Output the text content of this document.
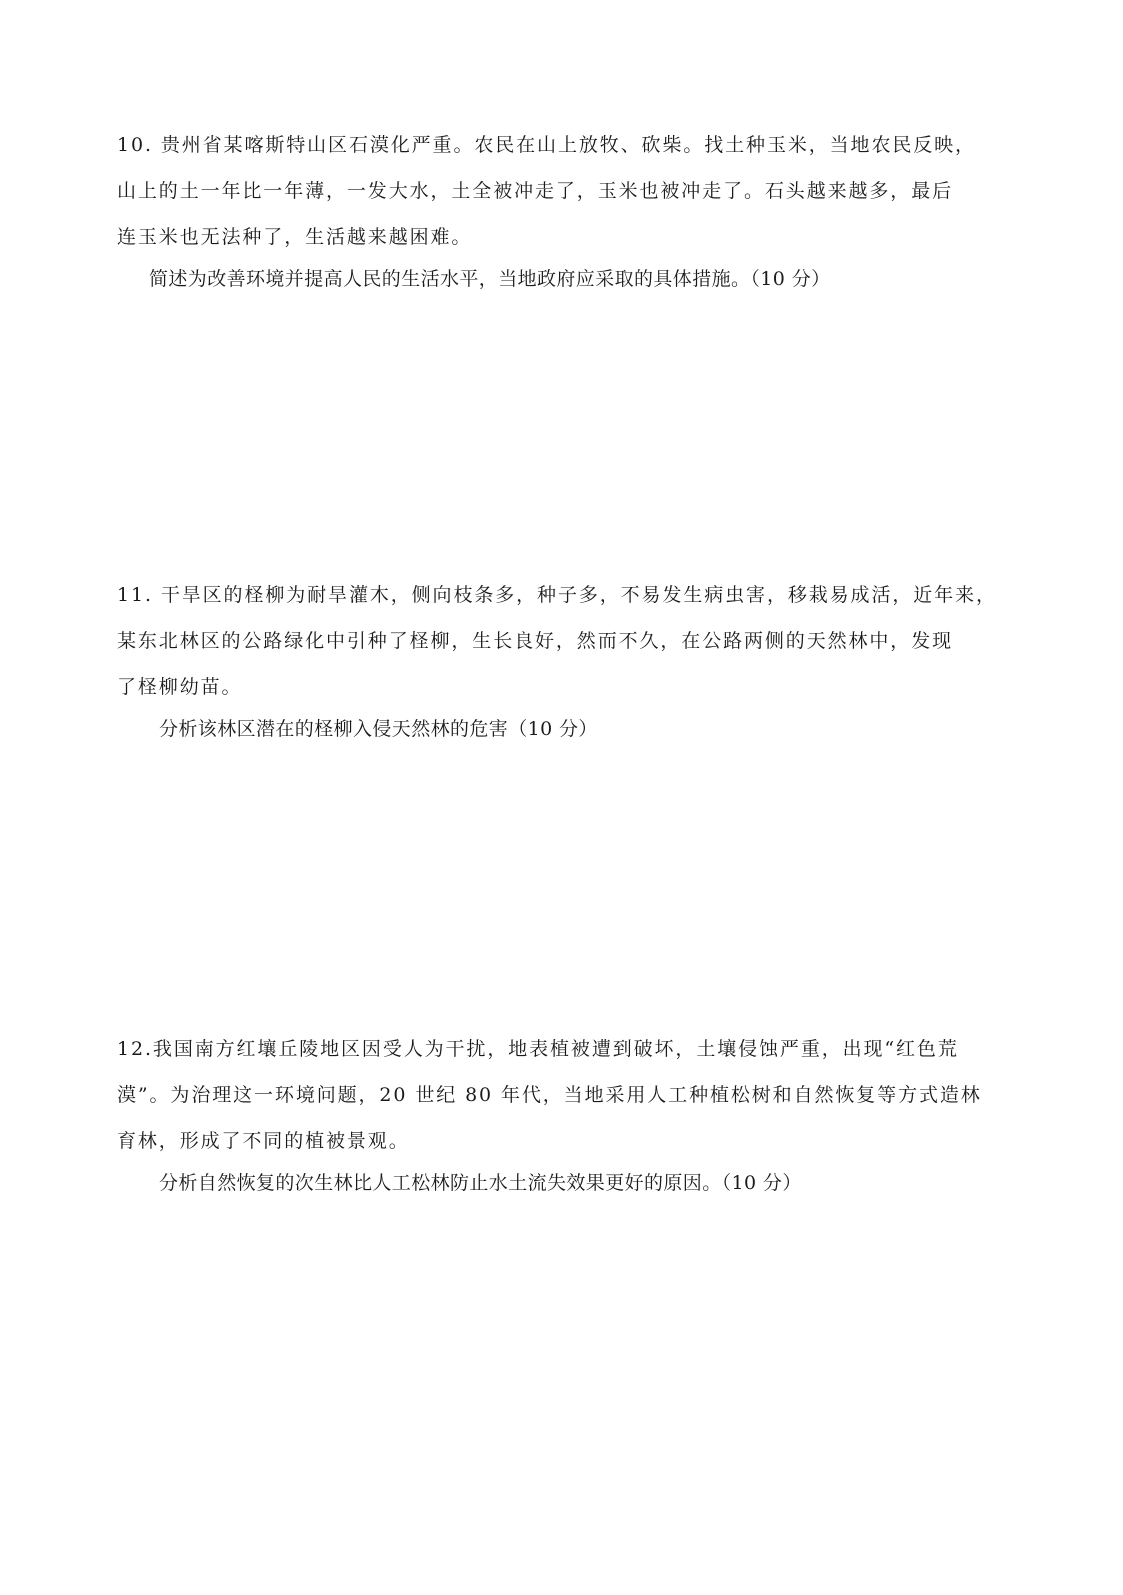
10. 贵州省某喀斯特山区石漠化严重。农民在山上放牧、砍柴。找土种玉米，当地农民反映，
山上的土一年比一年薄，一发大水，土全被冲走了，玉米也被冲走了。石头越来越多，最后
连玉米也无法种了，生活越来越困难。
简述为改善环境并提高人民的生活水平，当地政府应采取的具体措施。（10 分）
11. 干旱区的柽柳为耐旱灌木，侧向枝条多，种子多，不易发生病虫害，移栽易成活，近年来，
某东北林区的公路绿化中引种了柽柳，生长良好，然而不久，在公路两侧的天然林中，发现
了柽柳幼苗。
分析该林区潜在的柽柳入侵天然林的危害（10 分）
12.我国南方红壤丘陵地区因受人为干扰，地表植被遭到破坏，土壤侵蚀严重，出现“红色荒
漠”。为治理这一环境问题，20 世纪 80 年代，当地采用人工种植松树和自然恢复等方式造林
育林，形成了不同的植被景观。
分析自然恢复的次生林比人工松林防止水土流失效果更好的原因。（10 分）
